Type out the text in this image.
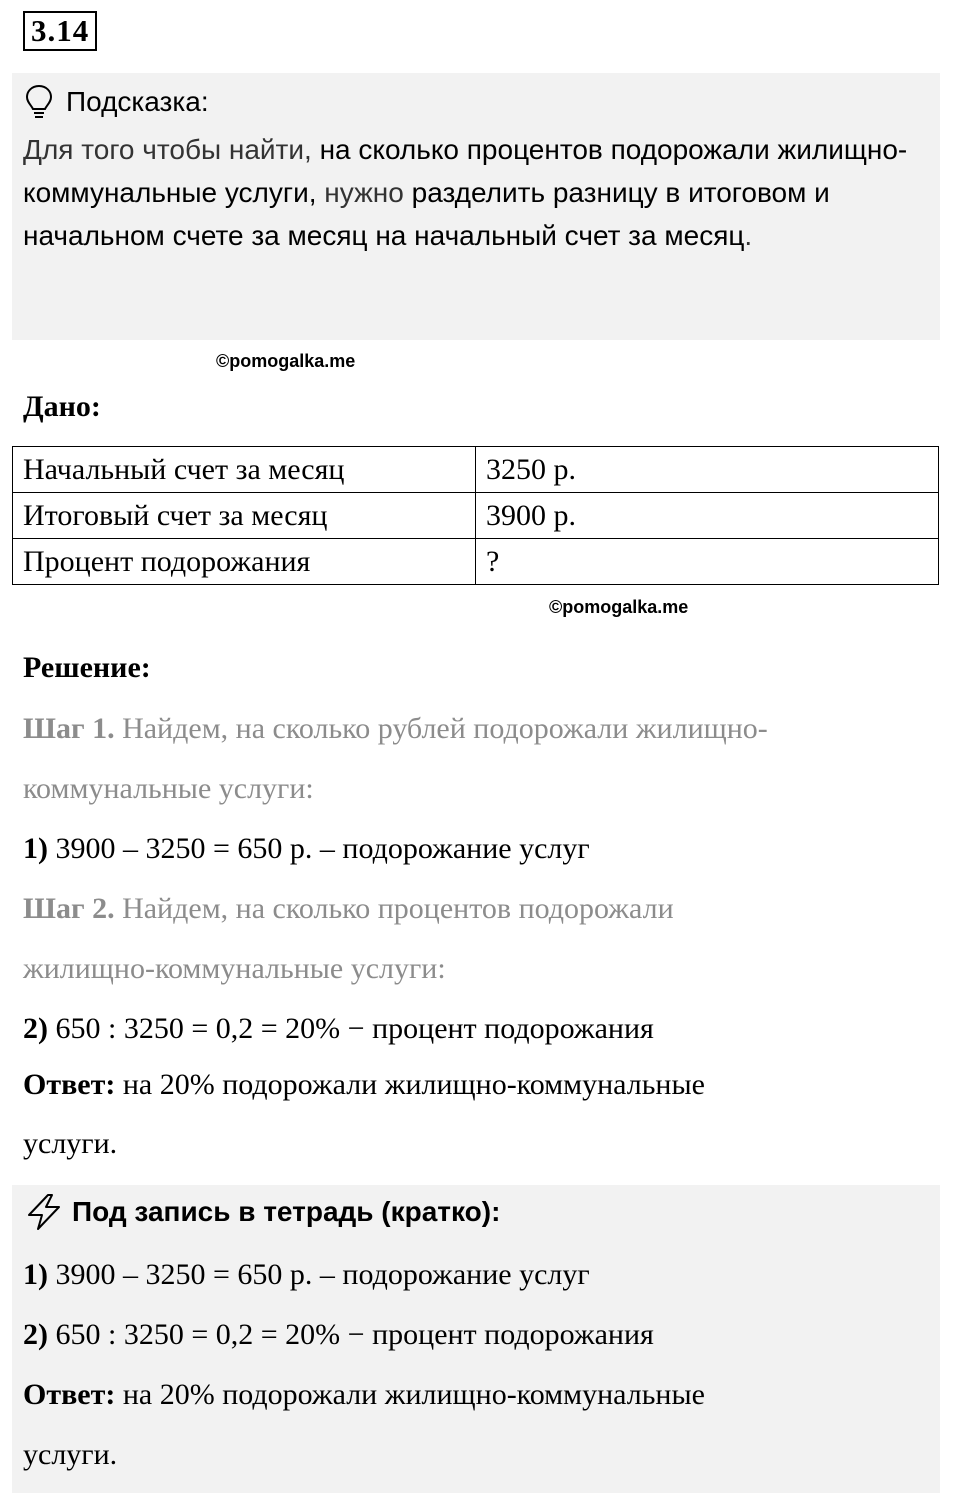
3.14
Подсказка:
Для того чтобы найти, на сколько процентов подорожали жилищно-коммунальные услуги, нужно разделить разницу в итоговом и начальном счете за месяц на начальный счет за месяц.
©pomogalka.me
Дано:
Начальный счет за месяц	3250 р.
Итоговый счет за месяц	3900 р.
Процент подорожания	?
©pomogalka.me
Решение:
Шаг 1. Найдем, на сколько рублей подорожали жилищно-
коммунальные услуги:
1) 3900 – 3250 = 650 р. – подорожание услуг
Шаг 2. Найдем, на сколько процентов подорожали
жилищно-коммунальные услуги:
2) 650 : 3250 = 0,2 = 20% − процент подорожания
Ответ: на 20% подорожали жилищно-коммунальные
услуги.
Под запись в тетрадь (кратко):
1) 3900 – 3250 = 650 р. – подорожание услуг
2) 650 : 3250 = 0,2 = 20% − процент подорожания
Ответ: на 20% подорожали жилищно-коммунальные
услуги.
